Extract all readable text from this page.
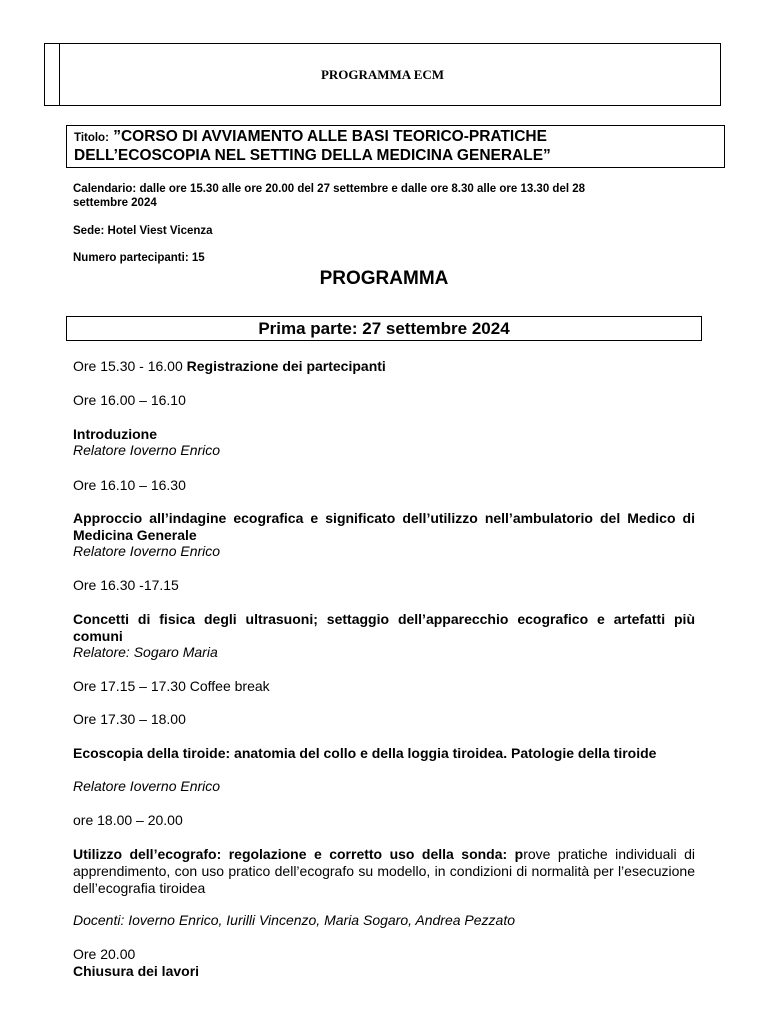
PROGRAMMA ECM
Titolo: ”CORSO DI AVVIAMENTO ALLE BASI TEORICO-PRATICHE
DELL’ECOSCOPIA NEL SETTING DELLA MEDICINA GENERALE”
Calendario: dalle ore 15.30 alle ore 20.00 del 27 settembre e dalle ore 8.30 alle ore 13.30 del 28
settembre 2024
Sede: Hotel Viest Vicenza
Numero partecipanti: 15
PROGRAMMA
Prima parte: 27 settembre 2024
Ore 15.30 - 16.00 Registrazione dei partecipanti
Ore 16.00 – 16.10
Introduzione
Relatore Ioverno Enrico
Ore 16.10 – 16.30
Approccio all’indagine ecografica e significato dell’utilizzo nell’ambulatorio del Medico di Medicina Generale
Relatore Ioverno Enrico
Ore 16.30 -17.15
Concetti di fisica degli ultrasuoni; settaggio dell’apparecchio ecografico e artefatti più comuni
Relatore: Sogaro Maria
Ore 17.15 – 17.30 Coffee break
Ore 17.30 – 18.00
Ecoscopia della tiroide: anatomia del collo e della loggia tiroidea. Patologie della tiroide
Relatore Ioverno Enrico
ore 18.00 – 20.00
Utilizzo dell’ecografo: regolazione e corretto uso della sonda: prove pratiche individuali di apprendimento, con uso pratico dell’ecografo su modello, in condizioni di normalità per l’esecuzione dell’ecografia tiroidea
Docenti: Ioverno Enrico, Iurilli Vincenzo, Maria Sogaro, Andrea Pezzato
Ore 20.00
Chiusura dei lavori
